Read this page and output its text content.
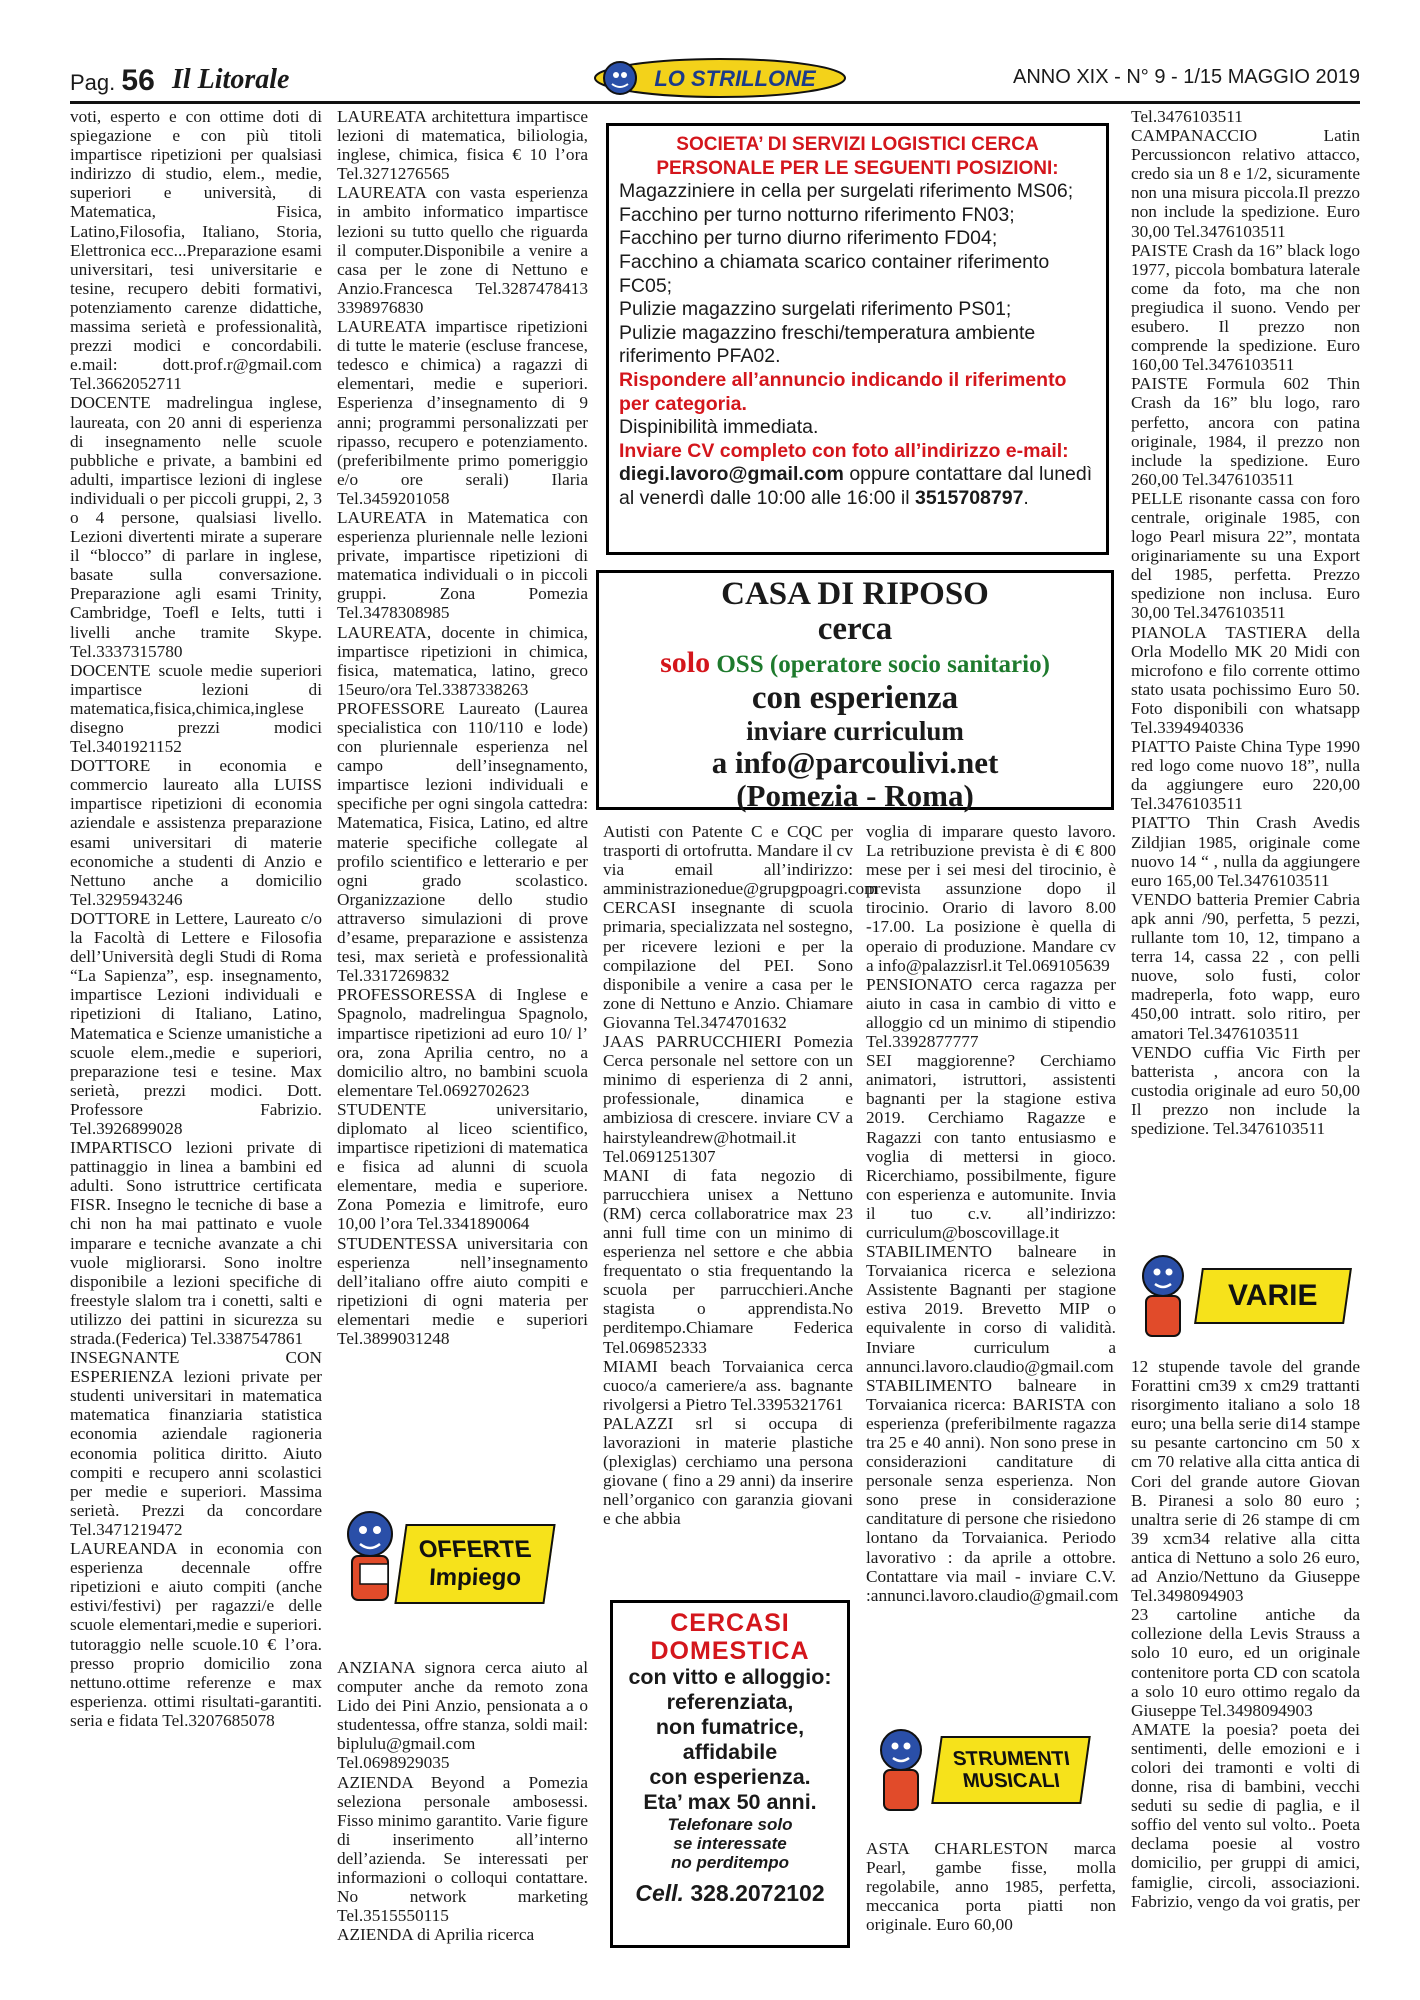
Pag. 56 Il Litorale	LO STRILLONE	ANNO XIX - N° 9 - 1/15 MAGGIO 2019

voti, esperto e con ottime doti di spiegazione e con più titoli impartisce ripetizioni per qualsiasi indirizzo di studio, elem., medie, superiori e università, di Matematica, Fisica, Latino,Filosofia, Italiano, Storia, Elettronica ecc...Preparazione esami universitari, tesi universitarie e tesine, recupero debiti formativi, potenziamento carenze didattiche, massima serietà e professionalità, prezzi modici e concordabili. e.mail: dott.prof.r@gmail.com Tel.3662052711

DOCENTE madrelingua inglese, laureata, con 20 anni di esperienza di insegnamento nelle scuole pubbliche e private, a bambini ed adulti, impartisce lezioni di inglese individuali o per piccoli gruppi, 2, 3 o 4 persone, qualsiasi livello. Lezioni divertenti mirate a superare il “blocco” di parlare in inglese, basate sulla conversazione. Preparazione agli esami Trinity, Cambridge, Toefl e Ielts, tutti i livelli anche tramite Skype. Tel.3337315780

DOCENTE scuole medie superiori impartisce lezioni di matematica,fisica,chimica,inglese disegno prezzi modici Tel.3401921152

DOTTORE in economia e commercio laureato alla LUISS impartisce ripetizioni di economia aziendale e assistenza preparazione esami universitari di materie economiche a studenti di Anzio e Nettuno anche a domicilio Tel.3295943246

DOTTORE in Lettere, Laureato c/o la Facoltà di Lettere e Filosofia dell’Università degli Studi di Roma “La Sapienza”, esp. insegnamento, impartisce Lezioni individuali e ripetizioni di Italiano, Latino, Matematica e Scienze umanistiche a scuole elem.,medie e superiori, preparazione tesi e tesine. Max serietà, prezzi modici. Dott. Professore Fabrizio. Tel.3926899028

IMPARTISCO lezioni private di pattinaggio in linea a bambini ed adulti. Sono istruttrice certificata FISR. Insegno le tecniche di base a chi non ha mai pattinato e vuole imparare e tecniche avanzate a chi vuole migliorarsi. Sono inoltre disponibile a lezioni specifiche di freestyle slalom tra i conetti, salti e utilizzo dei pattini in sicurezza su strada.(Federica) Tel.3387547861

INSEGNANTE CON ESPERIENZA lezioni private per studenti universitari in matematica matematica finanziaria statistica economia aziendale ragioneria economia politica diritto. Aiuto compiti e recupero anni scolastici per medie e superiori. Massima serietà. Prezzi da concordare Tel.3471219472

LAUREANDA in economia con esperienza decennale offre ripetizioni e aiuto compiti (anche estivi/festivi) per ragazzi/e delle scuole elementari,medie e superiori. tutoraggio nelle scuole.10 € l’ora. presso proprio domicilio zona nettuno.ottime referenze e max esperienza. ottimi risultati-garantiti. seria e fidata Tel.3207685078

LAUREATA architettura impartisce lezioni di matematica, biliologia, inglese, chimica, fisica € 10 l’ora Tel.3271276565

LAUREATA con vasta esperienza in ambito informatico impartisce lezioni su tutto quello che riguarda il computer.Disponibile a venire a casa per le zone di Nettuno e Anzio.Francesca Tel.3287478413 3398976830

LAUREATA impartisce ripetizioni di tutte le materie (escluse francese, tedesco e chimica) a ragazzi di elementari, medie e superiori. Esperienza d’insegnamento di 9 anni; programmi personalizzati per ripasso, recupero e potenziamento. (preferibilmente primo pomeriggio e/o ore serali) Ilaria Tel.3459201058

LAUREATA in Matematica con esperienza pluriennale nelle lezioni private, impartisce ripetizioni di matematica individuali o in piccoli gruppi. Zona Pomezia Tel.3478308985

LAUREATA, docente in chimica, impartisce ripetizioni in chimica, fisica, matematica, latino, greco 15euro/ora Tel.3387338263

PROFESSORE Laureato (Laurea specialistica con 110/110 e lode) con pluriennale esperienza nel campo dell’insegnamento, impartisce lezioni individuali e specifiche per ogni singola cattedra: Matematica, Fisica, Latino, ed altre materie specifiche collegate al profilo scientifico e letterario e per ogni grado scolastico. Organizzazione dello studio attraverso simulazioni di prove d’esame, preparazione e assistenza tesi, max serietà e professionalità Tel.3317269832

PROFESSORESSA di Inglese e Spagnolo, madrelingua Spagnolo, impartisce ripetizioni ad euro 10/ l’ ora, zona Aprilia centro, no a domicilio altro, no bambini scuola elementare Tel.0692702623

STUDENTE universitario, diplomato al liceo scientifico, impartisce ripetizioni di matematica e fisica ad alunni di scuola elementare, media e superiore. Zona Pomezia e limitrofe, euro 10,00 l’ora Tel.3341890064

STUDENTESSA universitaria con esperienza nell’insegnamento dell’italiano offre aiuto compiti e ripetizioni di ogni materia per elementari medie e superiori Tel.3899031248

OFFERTE
Impiego

ANZIANA signora cerca aiuto al computer anche da remoto zona Lido dei Pini Anzio, pensionata a o studentessa, offre stanza, soldi mail: biplulu@gmail.com Tel.0698929035

AZIENDA Beyond a Pomezia seleziona personale ambosessi. Fisso minimo garantito. Varie figure di inserimento all’interno dell’azienda. Se interessati per informazioni o colloqui contattare. No network marketing Tel.3515550115

AZIENDA di Aprilia ricerca

SOCIETA’ DI SERVIZI LOGISTICI CERCA PERSONALE PER LE SEGUENTI POSIZIONI:
Magazziniere in cella per surgelati riferimento MS06;
Facchino per turno notturno riferimento FN03;
Facchino per turno diurno riferimento FD04;
Facchino a chiamata scarico container riferimento FC05;
Pulizie magazzino surgelati riferimento PS01;
Pulizie magazzino freschi/temperatura ambiente riferimento PFA02.
Rispondere all’annuncio indicando il riferimento per categoria.
Dispinibilità immediata.
Inviare CV completo con foto all’indirizzo e-mail:
diegi.lavoro@gmail.com oppure contattare dal lunedì al venerdì dalle 10:00 alle 16:00 il 3515708797.
CASA DI RIPOSO
cerca
solo OSS (operatore socio sanitario)
con esperienza
inviare curriculum
a info@parcoulivi.net
(Pomezia - Roma)

Autisti con Patente C e CQC per trasporti di ortofrutta. Mandare il cv via email all’indirizzo: amministrazionedue@grupgpoagri.com

CERCASI insegnante di scuola primaria, specializzata nel sostegno, per ricevere lezioni e per la compilazione del PEI. Sono disponibile a venire a casa per le zone di Nettuno e Anzio. Chiamare Giovanna Tel.3474701632

JAAS PARRUCCHIERI Pomezia Cerca personale nel settore con un minimo di esperienza di 2 anni, professionale, dinamica e ambiziosa di crescere. inviare CV a hairstyleandrew@hotmail.it Tel.0691251307

MANI di fata negozio di parrucchiera unisex a Nettuno (RM) cerca collaboratrice max 23 anni full time con un minimo di esperienza nel settore e che abbia frequentato o stia frequentando la scuola per parrucchieri.Anche stagista o apprendista.No perditempo.Chiamare Federica Tel.069852333

MIAMI beach Torvaianica cerca cuoco/a cameriere/a ass. bagnante rivolgersi a Pietro Tel.3395321761

PALAZZI srl si occupa di lavorazioni in materie plastiche (plexiglas) cerchiamo una persona giovane ( fino a 29 anni) da inserire nell’organico con garanzia giovani e che abbia

CERCASI
DOMESTICA
con vitto e alloggio:
referenziata,
non fumatrice,
affidabile
con esperienza.
Eta’ max 50 anni.
Telefonare solo
se interessate
no perditempo
Cell. 328.2072102

voglia di imparare questo lavoro. La retribuzione prevista è di € 800 mese per i sei mesi del tirocinio, è prevista assunzione dopo il tirocinio. Orario di lavoro 8.00 -17.00. La posizione è quella di operaio di produzione. Mandare cv a info@palazzisrl.it Tel.069105639

PENSIONATO cerca ragazza per aiuto in casa in cambio di vitto e alloggio cd un minimo di stipendio Tel.3392877777

SEI maggiorenne? Cerchiamo animatori, istruttori, assistenti bagnanti per la stagione estiva 2019. Cerchiamo Ragazze e Ragazzi con tanto entusiasmo e voglia di mettersi in gioco. Ricerchiamo, possibilmente, figure con esperienza e automunite. Invia il tuo c.v. all’indirizzo: curriculum@boscovillage.it

STABILIMENTO balneare in Torvaianica ricerca e seleziona Assistente Bagnanti per stagione estiva 2019. Brevetto MIP o equivalente in corso di validità. Inviare curriculum a annunci.lavoro.claudio@gmail.com

STABILIMENTO balneare in Torvaianica ricerca: BARISTA con esperienza (preferibilmente ragazza tra 25 e 40 anni). Non sono prese in considerazioni canditature di personale senza esperienza. Non sono prese in considerazione canditature di persone che risiedono lontano da Torvaianica. Periodo lavorativo : da aprile a ottobre. Contattare via mail - inviare C.V. :annunci.lavoro.claudio@gmail.com

STRUMENTI
MUSICALI

ASTA CHARLESTON marca Pearl, gambe fisse, molla regolabile, anno 1985, perfetta, meccanica porta piatti non originale. Euro 60,00

Tel.3476103511

CAMPANACCIO Latin Percussioncon relativo attacco, credo sia un 8 e 1/2, sicuramente non una misura piccola.Il prezzo non include la spedizione. Euro 30,00 Tel.3476103511

PAISTE Crash da 16” black logo 1977, piccola bombatura laterale come da foto, ma che non pregiudica il suono. Vendo per esubero. Il prezzo non comprende la spedizione. Euro 160,00 Tel.3476103511

PAISTE Formula 602 Thin Crash da 16” blu logo, raro perfetto, ancora con patina originale, 1984, il prezzo non include la spedizione. Euro 260,00 Tel.3476103511

PELLE risonante cassa con foro centrale, originale 1985, con logo Pearl misura 22”, montata originariamente su una Export del 1985, perfetta. Prezzo spedizione non inclusa. Euro 30,00 Tel.3476103511

PIANOLA TASTIERA della Orla Modello MK 20 Midi con microfono e filo corrente ottimo stato usata pochissimo Euro 50. Foto disponibili con whatsapp Tel.3394940336

PIATTO Paiste China Type 1990 red logo come nuovo 18”, nulla da aggiungere euro 220,00 Tel.3476103511

PIATTO Thin Crash Avedis Zildjian 1985, originale come nuovo 14 “ , nulla da aggiungere euro 165,00 Tel.3476103511

VENDO batteria Premier Cabria apk anni /90, perfetta, 5 pezzi, rullante tom 10, 12, timpano a terra 14, cassa 22 , con pelli nuove, solo fusti, color madreperla, foto wapp, euro 450,00 intratt. solo ritiro, per amatori Tel.3476103511

VENDO cuffia Vic Firth per batterista , ancora con la custodia originale ad euro 50,00 Il prezzo non include la spedizione. Tel.3476103511

VARIE

12 stupende tavole del grande Forattini cm39 x cm29 trattanti risorgimento italiano a solo 18 euro; una bella serie di14 stampe su pesante cartoncino cm 50 x cm 70 relative alla citta antica di Cori del grande autore Giovan B. Piranesi a solo 80 euro ; unaltra serie di 26 stampe di cm 39 xcm34 relative alla citta antica di Nettuno a solo 26 euro, ad Anzio/Nettuno da Giuseppe Tel.3498094903

23 cartoline antiche da collezione della Levis Strauss a solo 10 euro, ed un originale contenitore porta CD con scatola a solo 10 euro ottimo regalo da Giuseppe Tel.3498094903

AMATE la poesia? poeta dei sentimenti, delle emozioni e i colori dei tramonti e volti di donne, risa di bambini, vecchi seduti su sedie di paglia, e il soffio del vento sul volto.. Poeta declama poesie al vostro domicilio, per gruppi di amici, famiglie, circoli, associazioni. Fabrizio, vengo da voi gratis, per
